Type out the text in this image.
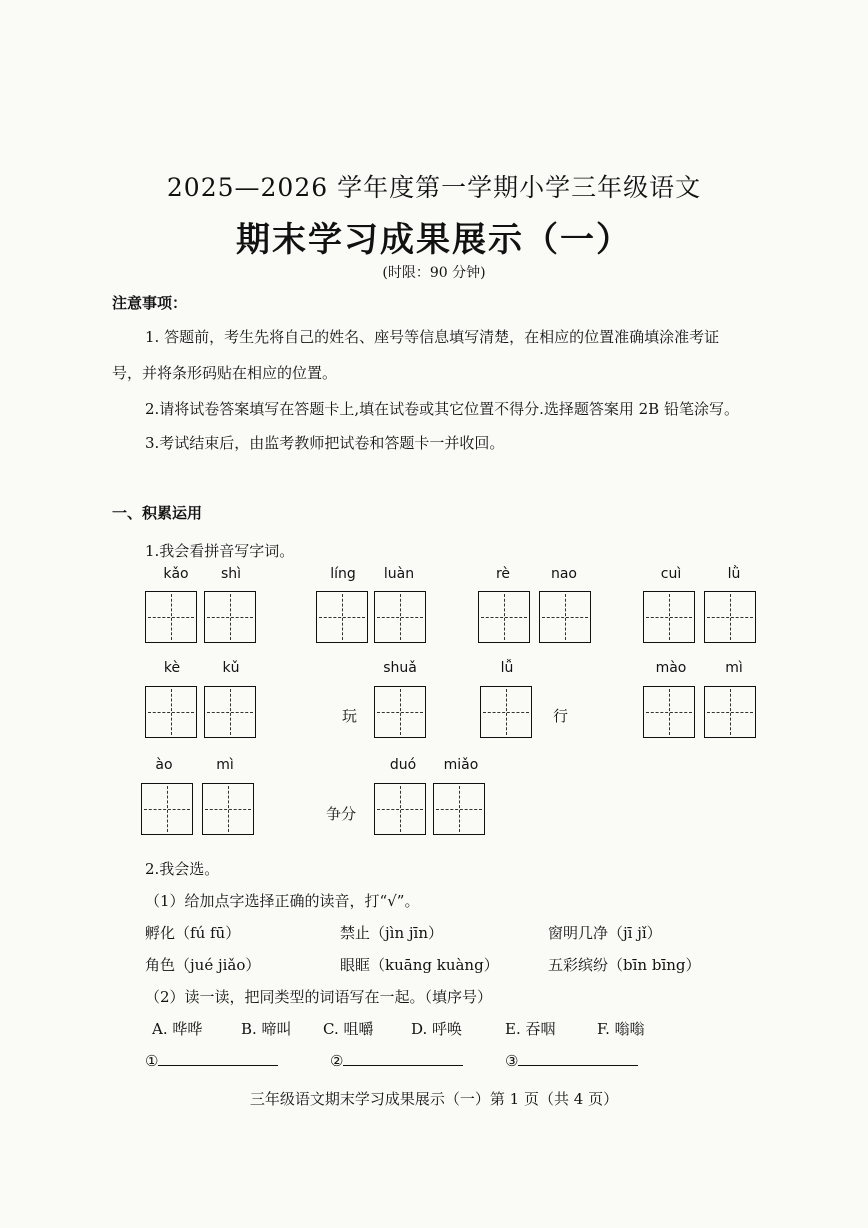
2025—2026 学年度第一学期小学三年级语文
期末学习成果展示（一）
(时限：90 分钟)
注意事项：
1. 答题前，考生先将自己的姓名、座号等信息填写清楚，在相应的位置准确填涂准考证
号，并将条形码贴在相应的位置。
2.请将试卷答案填写在答题卡上,填在试卷或其它位置不得分.选择题答案用 2B 铅笔涂写。
3.考试结束后，由监考教师把试卷和答题卡一并收回。
一、积累运用
1.我会看拼音写字词。
kǎo	shì	líng	luàn	rè	nao	cuì	lǜ
kè	kǔ	shuǎ	lǚ	mào	mì
玩	行
ào	mì	duó	miǎo
争分
2.我会选。
（1）给加点字选择正确的读音，打“√”。
孵化（fú fū）	禁止（jìn jīn）	窗明几净（jī jǐ）
角色（jué jiǎo）	眼眶（kuāng kuàng）	五彩缤纷（bīn bīng）
（2）读一读，把同类型的词语写在一起。（填序号）
A. 哗哗	B. 啼叫 C. 咀嚼	D. 呼唤	E. 吞咽	F. 嗡嗡
①	②	③
三年级语文期末学习成果展示（一）第 1 页（共 4 页）
